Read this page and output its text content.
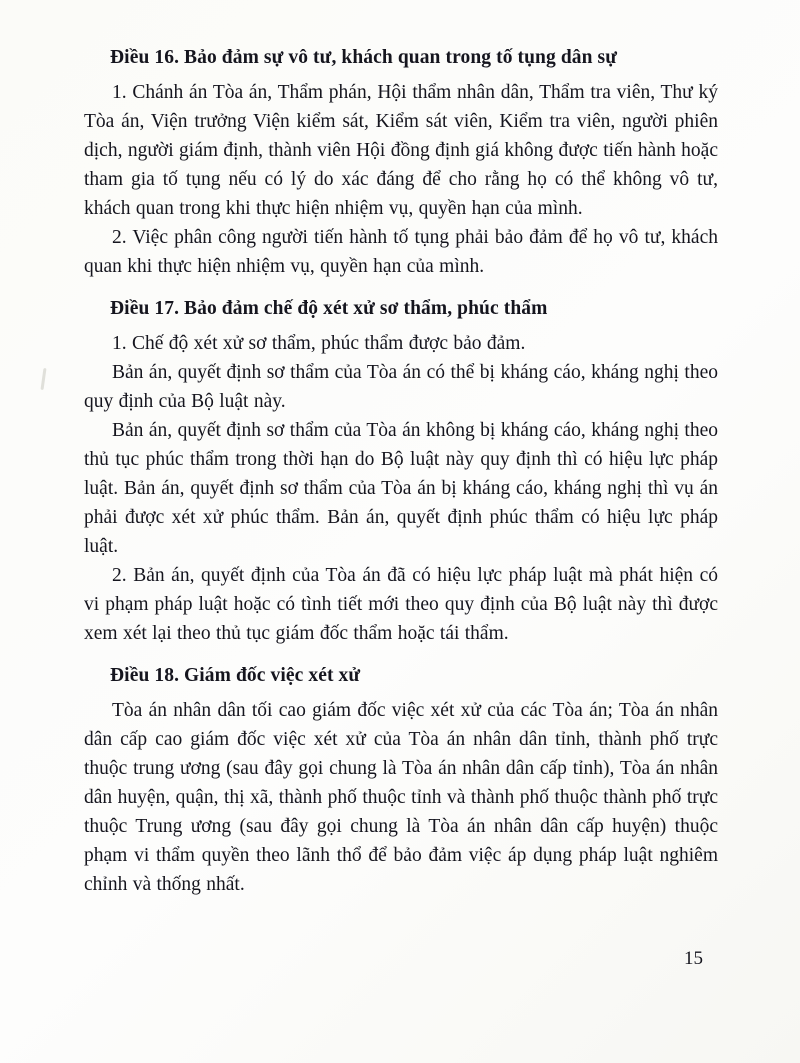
Điều 16. Bảo đảm sự vô tư, khách quan trong tố tụng dân sự

1. Chánh án Tòa án, Thẩm phán, Hội thẩm nhân dân, Thẩm tra viên, Thư ký Tòa án, Viện trưởng Viện kiểm sát, Kiểm sát viên, Kiểm tra viên, người phiên dịch, người giám định, thành viên Hội đồng định giá không được tiến hành hoặc tham gia tố tụng nếu có lý do xác đáng để cho rằng họ có thể không vô tư, khách quan trong khi thực hiện nhiệm vụ, quyền hạn của mình.

2. Việc phân công người tiến hành tố tụng phải bảo đảm để họ vô tư, khách quan khi thực hiện nhiệm vụ, quyền hạn của mình.

Điều 17. Bảo đảm chế độ xét xử sơ thẩm, phúc thẩm

1. Chế độ xét xử sơ thẩm, phúc thẩm được bảo đảm.

Bản án, quyết định sơ thẩm của Tòa án có thể bị kháng cáo, kháng nghị theo quy định của Bộ luật này.

Bản án, quyết định sơ thẩm của Tòa án không bị kháng cáo, kháng nghị theo thủ tục phúc thẩm trong thời hạn do Bộ luật này quy định thì có hiệu lực pháp luật. Bản án, quyết định sơ thẩm của Tòa án bị kháng cáo, kháng nghị thì vụ án phải được xét xử phúc thẩm. Bản án, quyết định phúc thẩm có hiệu lực pháp luật.

2. Bản án, quyết định của Tòa án đã có hiệu lực pháp luật mà phát hiện có vi phạm pháp luật hoặc có tình tiết mới theo quy định của Bộ luật này thì được xem xét lại theo thủ tục giám đốc thẩm hoặc tái thẩm.

Điều 18. Giám đốc việc xét xử

Tòa án nhân dân tối cao giám đốc việc xét xử của các Tòa án; Tòa án nhân dân cấp cao giám đốc việc xét xử của Tòa án nhân dân tỉnh, thành phố trực thuộc trung ương (sau đây gọi chung là Tòa án nhân dân cấp tỉnh), Tòa án nhân dân huyện, quận, thị xã, thành phố thuộc tỉnh và thành phố thuộc thành phố trực thuộc Trung ương (sau đây gọi chung là Tòa án nhân dân cấp huyện) thuộc phạm vi thẩm quyền theo lãnh thổ để bảo đảm việc áp dụng pháp luật nghiêm chỉnh và thống nhất.

15
